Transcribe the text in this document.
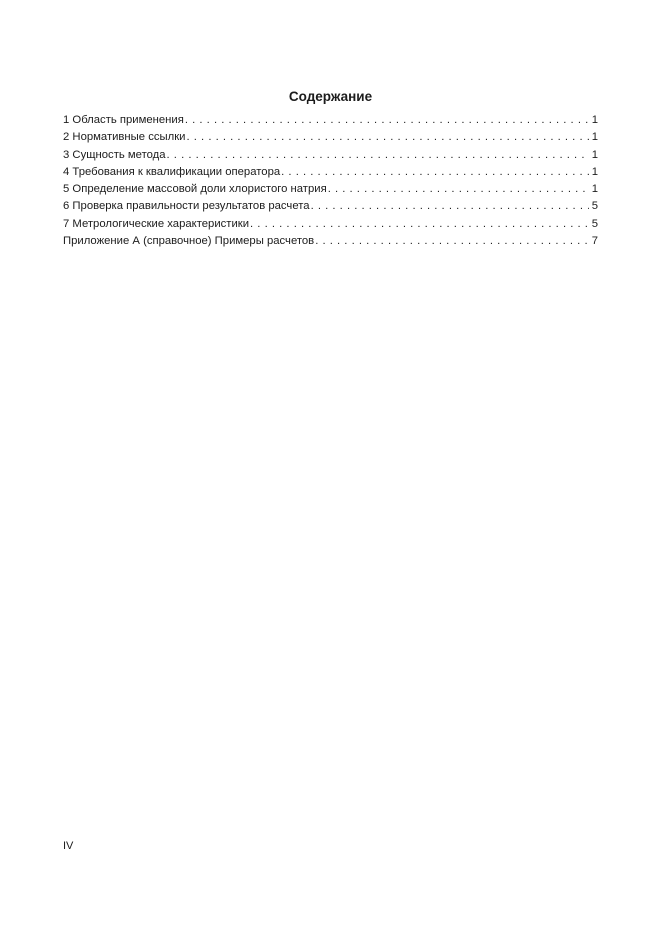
Содержание
1 Область применения . . .	1
2 Нормативные ссылки . . .	1
3 Сущность метода . . .	1
4 Требования к квалификации оператора . . .	1
5 Определение массовой доли хлористого натрия . . .	1
6 Проверка правильности результатов расчета . . .	5
7 Метрологические характеристики . . .	5
Приложение А (справочное) Примеры расчетов . . .	7
IV
